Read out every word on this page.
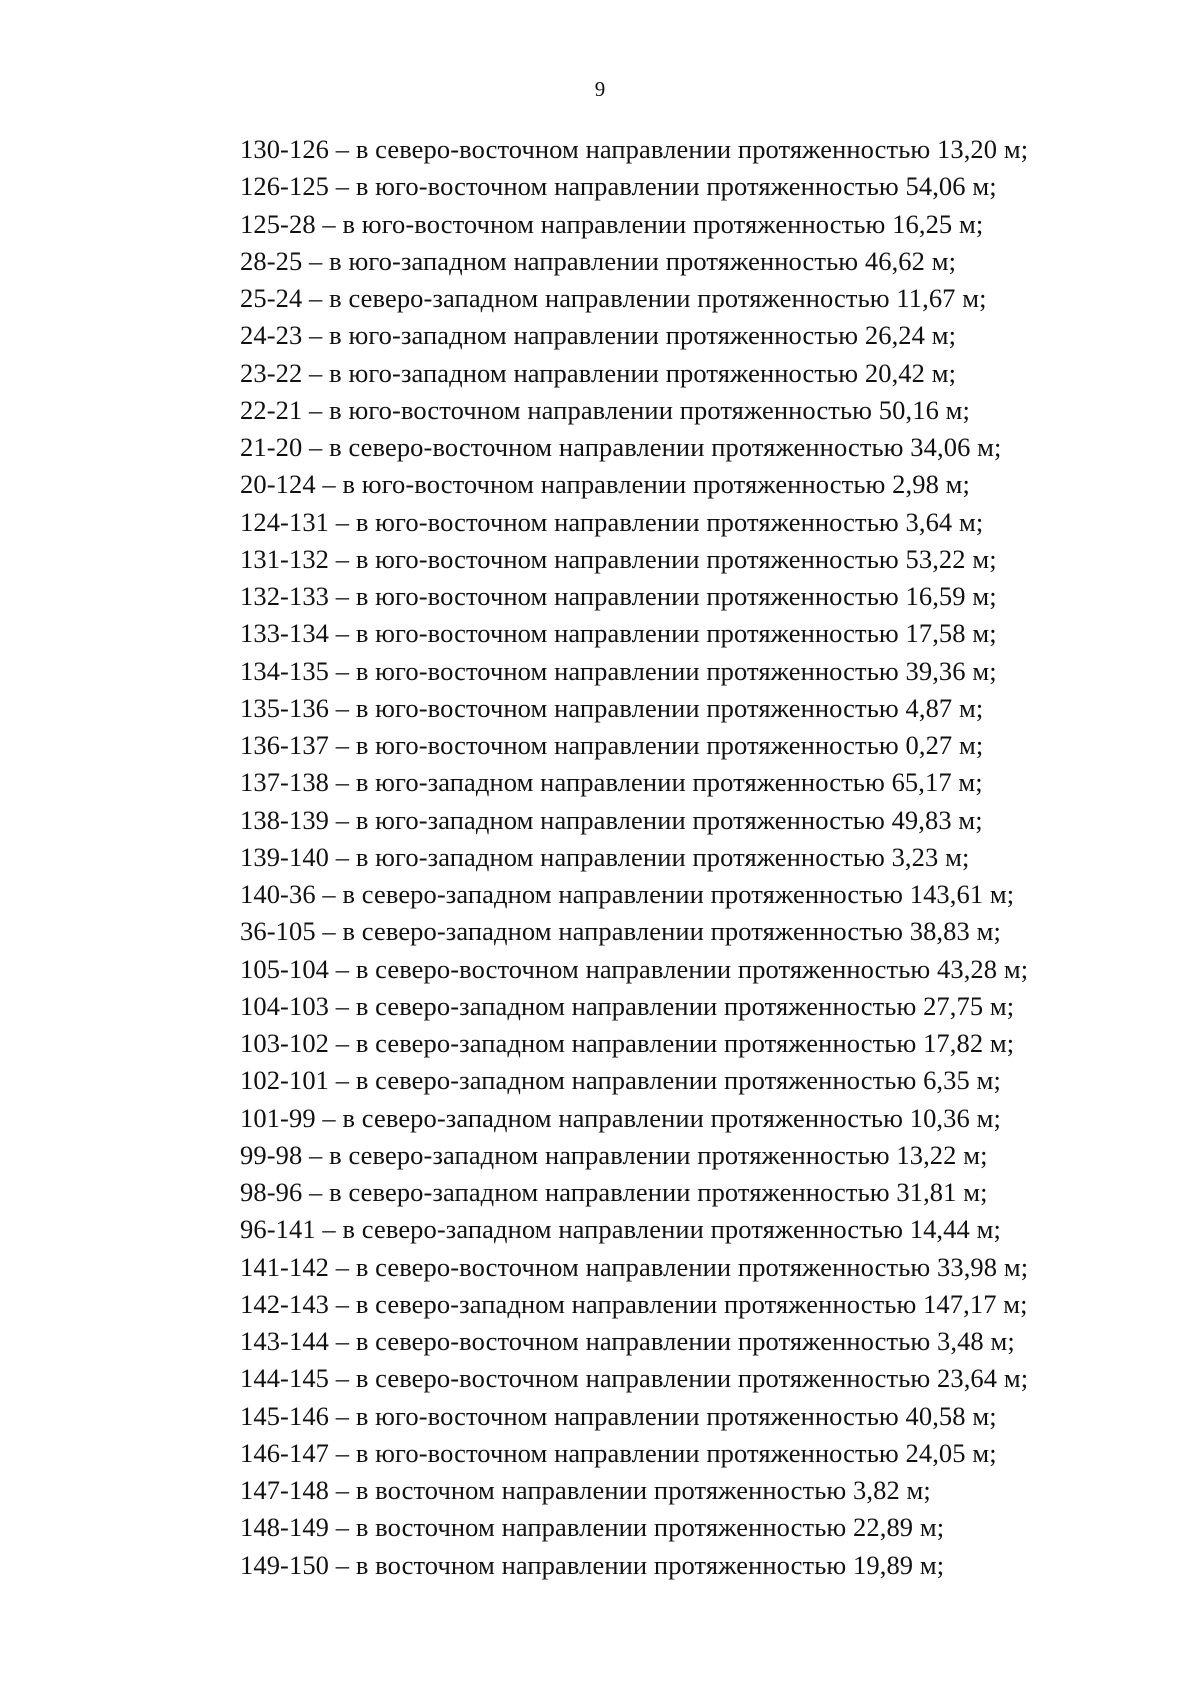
9
130-126 – в северо-восточном направлении протяженностью 13,20 м;
126-125 – в юго-восточном направлении протяженностью 54,06 м;
125-28 – в юго-восточном направлении протяженностью 16,25 м;
28-25 – в юго-западном направлении протяженностью 46,62 м;
25-24 – в северо-западном направлении протяженностью 11,67 м;
24-23 – в юго-западном направлении протяженностью 26,24 м;
23-22 – в юго-западном направлении протяженностью 20,42 м;
22-21 – в юго-восточном направлении протяженностью 50,16 м;
21-20 – в северо-восточном направлении протяженностью 34,06 м;
20-124 – в юго-восточном направлении протяженностью 2,98 м;
124-131 – в юго-восточном направлении протяженностью 3,64 м;
131-132 – в юго-восточном направлении протяженностью 53,22 м;
132-133 – в юго-восточном направлении протяженностью 16,59 м;
133-134 – в юго-восточном направлении протяженностью 17,58 м;
134-135 – в юго-восточном направлении протяженностью 39,36 м;
135-136 – в юго-восточном направлении протяженностью 4,87 м;
136-137 – в юго-восточном направлении протяженностью 0,27 м;
137-138 – в юго-западном направлении протяженностью 65,17 м;
138-139 – в юго-западном направлении протяженностью 49,83 м;
139-140 – в юго-западном направлении протяженностью 3,23 м;
140-36 – в северо-западном направлении протяженностью 143,61 м;
36-105 – в северо-западном направлении протяженностью 38,83 м;
105-104 – в северо-восточном направлении протяженностью 43,28 м;
104-103 – в северо-западном направлении протяженностью 27,75 м;
103-102 – в северо-западном направлении протяженностью 17,82 м;
102-101 – в северо-западном направлении протяженностью 6,35 м;
101-99 – в северо-западном направлении протяженностью 10,36 м;
99-98 – в северо-западном направлении протяженностью 13,22 м;
98-96 – в северо-западном направлении протяженностью 31,81 м;
96-141 – в северо-западном направлении протяженностью 14,44 м;
141-142 – в северо-восточном направлении протяженностью 33,98 м;
142-143 – в северо-западном направлении протяженностью 147,17 м;
143-144 – в северо-восточном направлении протяженностью 3,48 м;
144-145 – в северо-восточном направлении протяженностью 23,64 м;
145-146 – в юго-восточном направлении протяженностью 40,58 м;
146-147 – в юго-восточном направлении протяженностью 24,05 м;
147-148 – в восточном направлении протяженностью 3,82 м;
148-149 – в восточном направлении протяженностью 22,89 м;
149-150 – в восточном направлении протяженностью 19,89 м;
